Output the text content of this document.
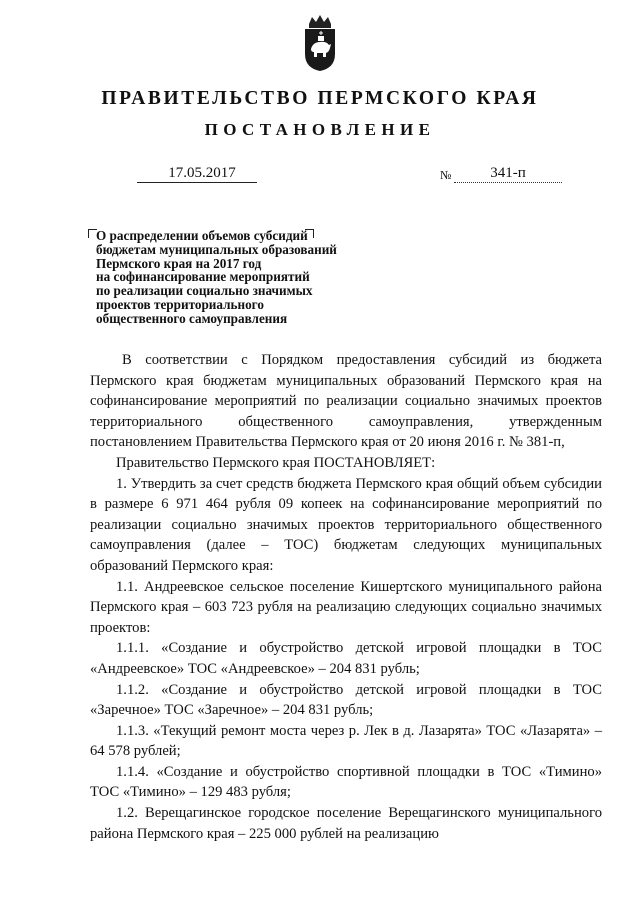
ПРАВИТЕЛЬСТВО ПЕРМСКОГО КРАЯ
ПОСТАНОВЛЕНИЕ
17.05.2017	№	341-п
О распределении объемов субсидий
бюджетам муниципальных образований
Пермского края на 2017 год
на софинансирование мероприятий
по реализации социально значимых
проектов территориального
общественного самоуправления

В соответствии с Порядком предоставления субсидий из бюджета Пермского края бюджетам муниципальных образований Пермского края на софинансирование мероприятий по реализации социально значимых проектов территориального общественного самоуправления, утвержденным постановлением Правительства Пермского края от 20 июня 2016 г. № 381-п,

Правительство Пермского края ПОСТАНОВЛЯЕТ:

1. Утвердить за счет средств бюджета Пермского края общий объем субсидии в размере 6 971 464 рубля 09 копеек на софинансирование мероприятий по реализации социально значимых проектов территориального общественного самоуправления (далее – ТОС) бюджетам следующих муниципальных образований Пермского края:

1.1. Андреевское сельское поселение Кишертского муниципального района Пермского края – 603 723 рубля на реализацию следующих социально значимых проектов:

1.1.1. «Создание и обустройство детской игровой площадки в ТОС «Андреевское» ТОС «Андреевское» – 204 831 рубль;

1.1.2. «Создание и обустройство детской игровой площадки в ТОС «Заречное» ТОС «Заречное» – 204 831 рубль;

1.1.3. «Текущий ремонт моста через р. Лек в д. Лазарята» ТОС «Лазарята» – 64 578 рублей;

1.1.4. «Создание и обустройство спортивной площадки в ТОС «Тимино» ТОС «Тимино» – 129 483 рубля;

1.2. Верещагинское городское поселение Верещагинского муниципального района Пермского края – 225 000 рублей на реализацию
